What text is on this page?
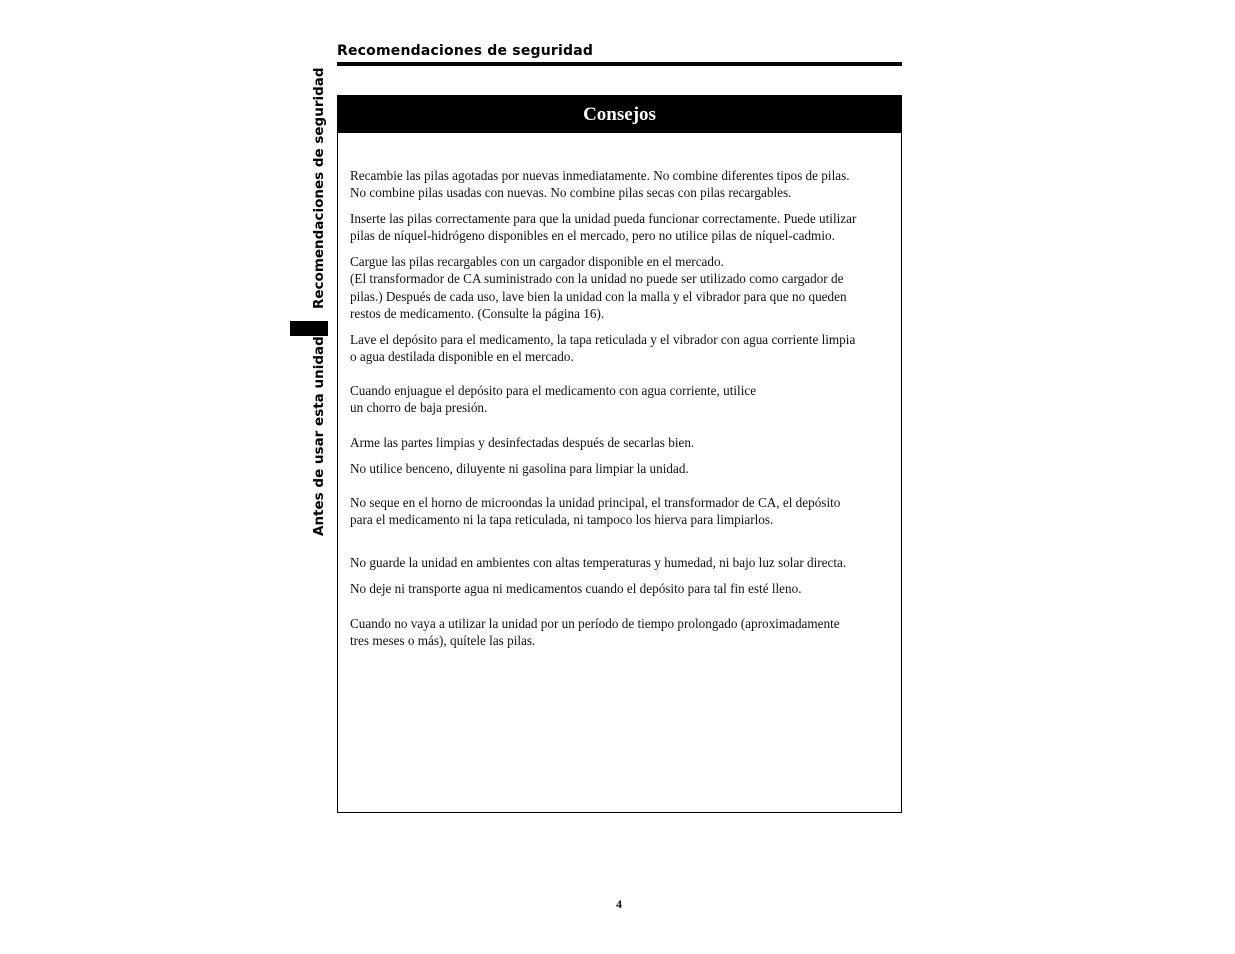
Recomendaciones de seguridad
Recomendaciones de seguridad
Antes de usar esta unidad
Consejos
Recambie las pilas agotadas por nuevas inmediatamente. No combine diferentes tipos de pilas.
No combine pilas usadas con nuevas. No combine pilas secas con pilas recargables.
Inserte las pilas correctamente para que la unidad pueda funcionar correctamente. Puede utilizar
pilas de níquel-hidrógeno disponibles en el mercado, pero no utilice pilas de níquel-cadmio.
Cargue las pilas recargables con un cargador disponible en el mercado.
(El transformador de CA suministrado con la unidad no puede ser utilizado como cargador de
pilas.) Después de cada uso, lave bien la unidad con la malla y el vibrador para que no queden
restos de medicamento. (Consulte la página 16).
Lave el depósito para el medicamento, la tapa reticulada y el vibrador con agua corriente limpia
o agua destilada disponible en el mercado.
Cuando enjuague el depósito para el medicamento con agua corriente, utilice
un chorro de baja presión.
Arme las partes limpias y desinfectadas después de secarlas bien.
No utilice benceno, diluyente ni gasolina para limpiar la unidad.
No seque en el horno de microondas la unidad principal, el transformador de CA, el depósito
para el medicamento ni la tapa reticulada, ni tampoco los hierva para limpiarlos.
No guarde la unidad en ambientes con altas temperaturas y humedad, ni bajo luz solar directa.
No deje ni transporte agua ni medicamentos cuando el depósito para tal fin esté lleno.
Cuando no vaya a utilizar la unidad por un período de tiempo prolongado (aproximadamente
tres meses o más), quítele las pilas.
4
